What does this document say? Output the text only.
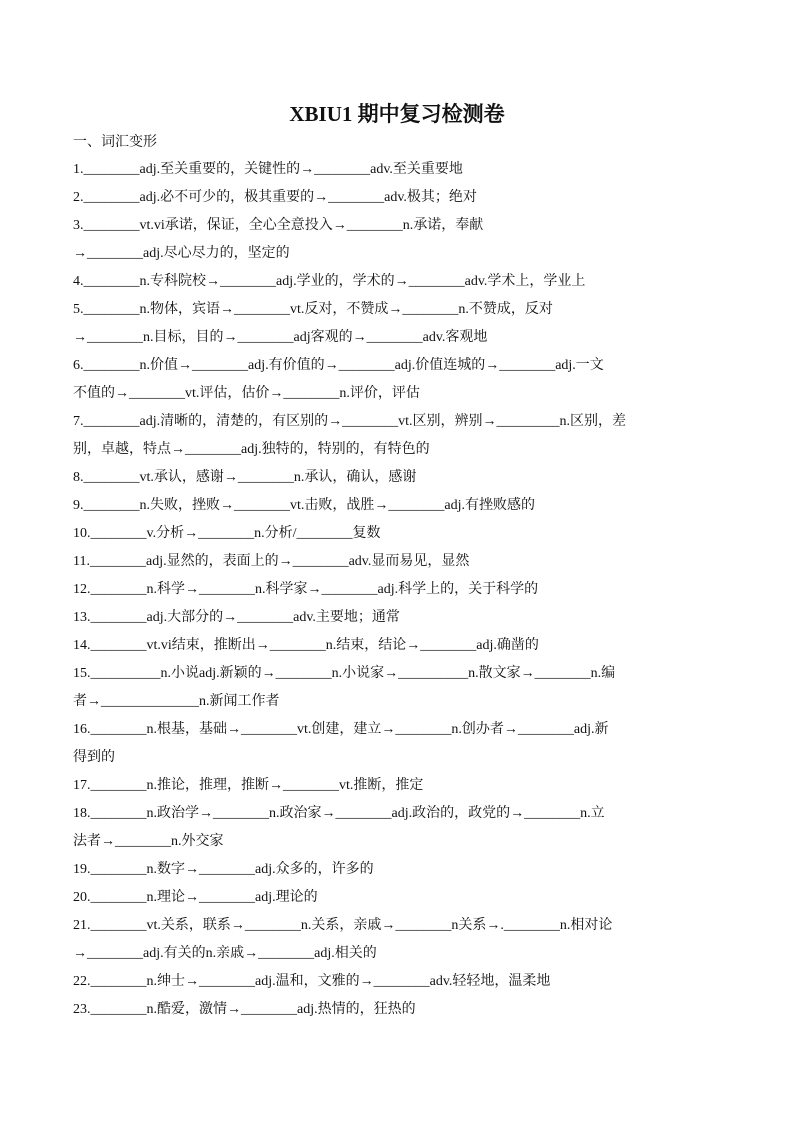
XBIU1 期中复习检测卷
一、词汇变形
1.________adj.至关重要的，关键性的→________adv.至关重要地
2.________adj.必不可少的，极其重要的→________adv.极其；绝对
3.________vt.vi承诺，保证，全心全意投入→________n.承诺，奉献
→________adj.尽心尽力的，坚定的
4.________n.专科院校→________adj.学业的，学术的→________adv.学术上，学业上
5.________n.物体，宾语→________vt.反对，不赞成→________n.不赞成，反对
→________n.目标，目的→________adj客观的→________adv.客观地
6.________n.价值→________adj.有价值的→________adj.价值连城的→________adj.一文
不值的→________vt.评估，估价→________n.评价，评估
7.________adj.清晰的，清楚的，有区别的→________vt.区别，辨别→_________n.区别，差
别，卓越，特点→________adj.独特的，特别的，有特色的
8.________vt.承认，感谢→________n.承认，确认，感谢
9.________n.失败，挫败→________vt.击败，战胜→________adj.有挫败感的
10.________v.分析→________n.分析/________复数
11.________adj.显然的，表面上的→________adv.显而易见，显然
12.________n.科学→________n.科学家→________adj.科学上的，关于科学的
13.________adj.大部分的→________adv.主要地；通常
14.________vt.vi结束，推断出→________n.结束，结论→________adj.确凿的
15.__________n.小说adj.新颖的→________n.小说家→__________n.散文家→________n.编
者→______________n.新闻工作者
16.________n.根基，基础→________vt.创建，建立→________n.创办者→________adj.新
得到的
17.________n.推论，推理，推断→________vt.推断，推定
18.________n.政治学→________n.政治家→________adj.政治的，政党的→________n.立
法者→________n.外交家
19.________n.数字→________adj.众多的，许多的
20.________n.理论→________adj.理论的
21.________vt.关系，联系→________n.关系，亲戚→________n关系→.________n.相对论
→________adj.有关的n.亲戚→________adj.相关的
22.________n.绅士→________adj.温和，文雅的→________adv.轻轻地，温柔地
23.________n.酷爱，激情→________adj.热情的，狂热的
